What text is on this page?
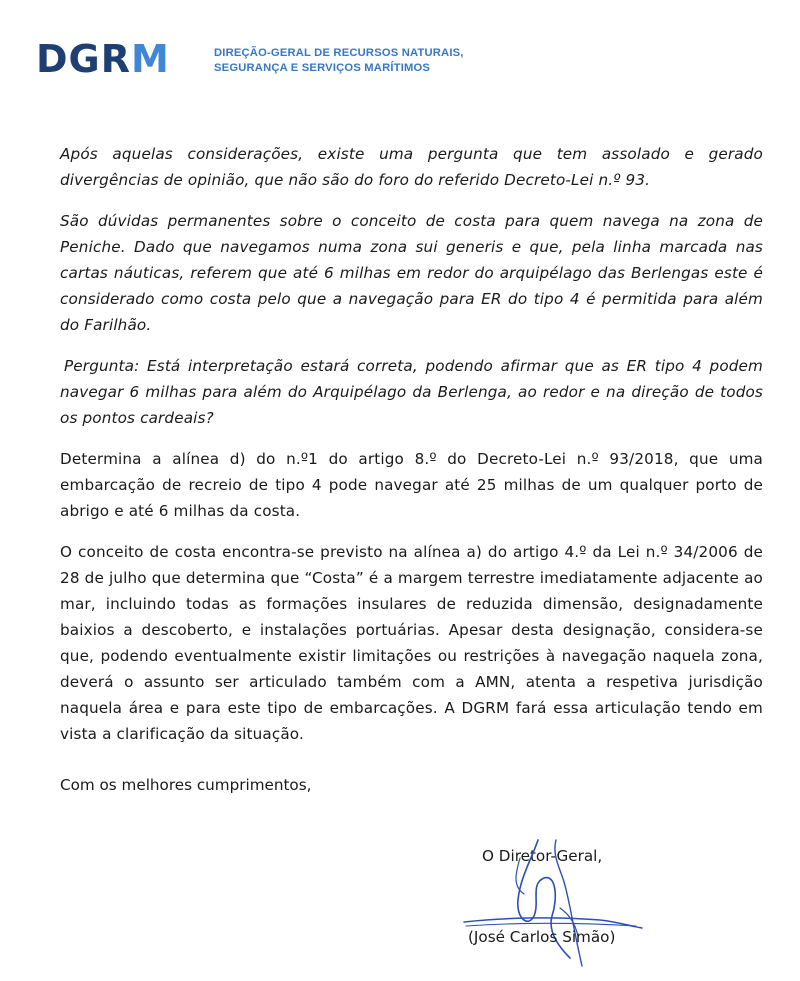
DGRM	DIREÇÃO-GERAL DE RECURSOS NATURAIS,
SEGURANÇA E SERVIÇOS MARÍTIMOS

Após aquelas considerações, existe uma pergunta que tem assolado e gerado divergências de opinião, que não são do foro do referido Decreto-Lei n.º 93.

São dúvidas permanentes sobre o conceito de costa para quem navega na zona de Peniche. Dado que navegamos numa zona sui generis e que, pela linha marcada nas cartas náuticas, referem que até 6 milhas em redor do arquipélago das Berlengas este é considerado como costa pelo que a navegação para ER do tipo 4 é permitida para além do Farilhão.

Pergunta: Está interpretação estará correta, podendo afirmar que as ER tipo 4 podem navegar 6 milhas para além do Arquipélago da Berlenga, ao redor e na direção de todos os pontos cardeais?

Determina a alínea d) do n.º1 do artigo 8.º do Decreto-Lei n.º 93/2018, que uma embarcação de recreio de tipo 4 pode navegar até 25 milhas de um qualquer porto de abrigo e até 6 milhas da costa.

O conceito de costa encontra-se previsto na alínea a) do artigo 4.º da Lei n.º 34/2006 de 28 de julho que determina que “Costa” é a margem terrestre imediatamente adjacente ao mar, incluindo todas as formações insulares de reduzida dimensão, designadamente baixios a descoberto, e instalações portuárias. Apesar desta designação, considera-se que, podendo eventualmente existir limitações ou restrições à navegação naquela zona, deverá o assunto ser articulado também com a AMN, atenta a respetiva jurisdição naquela área e para este tipo de embarcações. A DGRM fará essa articulação tendo em vista a clarificação da situação.

Com os melhores cumprimentos,
O Diretor-Geral,
(José Carlos Simão)
